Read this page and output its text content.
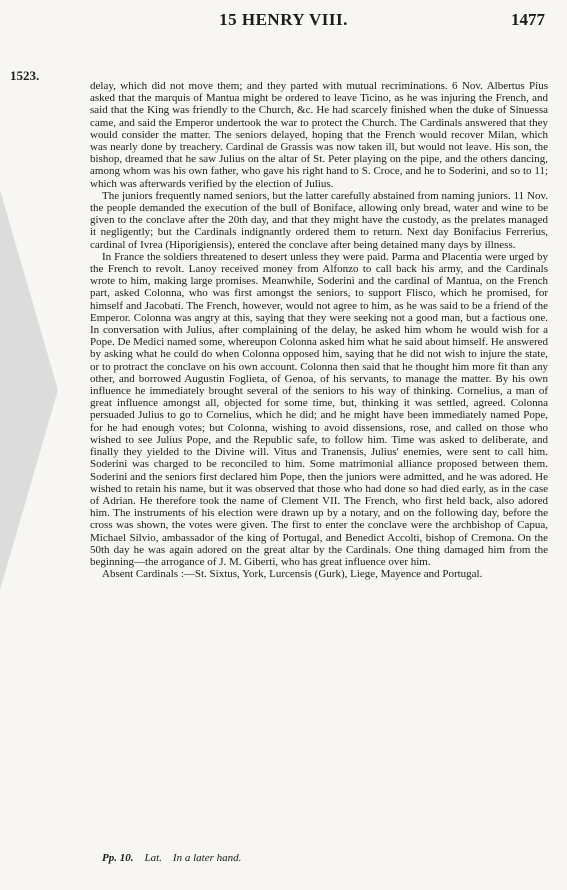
15 HENRY VIII.	1477
1523.

delay, which did not move them; and they parted with mutual recriminations. 6 Nov. Albertus Pius asked that the marquis of Mantua might be ordered to leave Ticino, as he was injuring the French, and said that the King was friendly to the Church, &c. He had scarcely finished when the duke of Sinuessa came, and said the Emperor undertook the war to protect the Church. The Cardinals answered that they would consider the matter. The seniors delayed, hoping that the French would recover Milan, which was nearly done by treachery. Cardinal de Grassis was now taken ill, but would not leave. His son, the bishop, dreamed that he saw Julius on the altar of St. Peter playing on the pipe, and the others dancing, among whom was his own father, who gave his right hand to S. Croce, and he to Soderini, and so to 11; which was afterwards verified by the election of Julius.

The juniors frequently named seniors, but the latter carefully abstained from naming juniors. 11 Nov. the people demanded the execution of the bull of Boniface, allowing only bread, water and wine to be given to the conclave after the 20th day, and that they might have the custody, as the prelates managed it negligently; but the Cardinals indignantly ordered them to return. Next day Bonifacius Ferrerius, cardinal of Ivrea (Hiporigiensis), entered the conclave after being detained many days by illness.

In France the soldiers threatened to desert unless they were paid. Parma and Placentia were urged by the French to revolt. Lanoy received money from Alfonzo to call back his army, and the Cardinals wrote to him, making large promises. Meanwhile, Soderini and the cardinal of Mantua, on the French part, asked Colonna, who was first amongst the seniors, to support Flisco, which he promised, for himself and Jacobati. The French, however, would not agree to him, as he was said to be a friend of the Emperor. Colonna was angry at this, saying that they were seeking not a good man, but a factious one. In conversation with Julius, after complaining of the delay, he asked him whom he would wish for a Pope. De Medici named some, whereupon Colonna asked him what he said about himself. He answered by asking what he could do when Colonna opposed him, saying that he did not wish to injure the state, or to protract the conclave on his own account. Colonna then said that he thought him more fit than any other, and borrowed Augustin Foglieta, of Genoa, of his servants, to manage the matter. By his own influence he immediately brought several of the seniors to his way of thinking. Cornelius, a man of great influence amongst all, objected for some time, but, thinking it was settled, agreed. Colonna persuaded Julius to go to Cornelius, which he did; and he might have been immediately named Pope, for he had enough votes; but Colonna, wishing to avoid dissensions, rose, and called on those who wished to see Julius Pope, and the Republic safe, to follow him. Time was asked to deliberate, and finally they yielded to the Divine will. Vitus and Tranensis, Julius' enemies, were sent to call him. Soderini was charged to be reconciled to him. Some matrimonial alliance proposed between them. Soderini and the seniors first declared him Pope, then the juniors were admitted, and he was adored. He wished to retain his name, but it was observed that those who had done so had died early, as in the case of Adrian. He therefore took the name of Clement VII. The French, who first held back, also adored him. The instruments of his election were drawn up by a notary, and on the following day, before the cross was shown, the votes were given. The first to enter the conclave were the archbishop of Capua, Michael Silvio, ambassador of the king of Portugal, and Benedict Accolti, bishop of Cremona. On the 50th day he was again adored on the great altar by the Cardinals. One thing damaged him from the beginning—the arrogance of J. M. Giberti, who has great influence over him.

Absent Cardinals :—St. Sixtus, York, Lurcensis (Gurk), Liege, Mayence and Portugal.

Pp. 10. Lat. In a later hand.
